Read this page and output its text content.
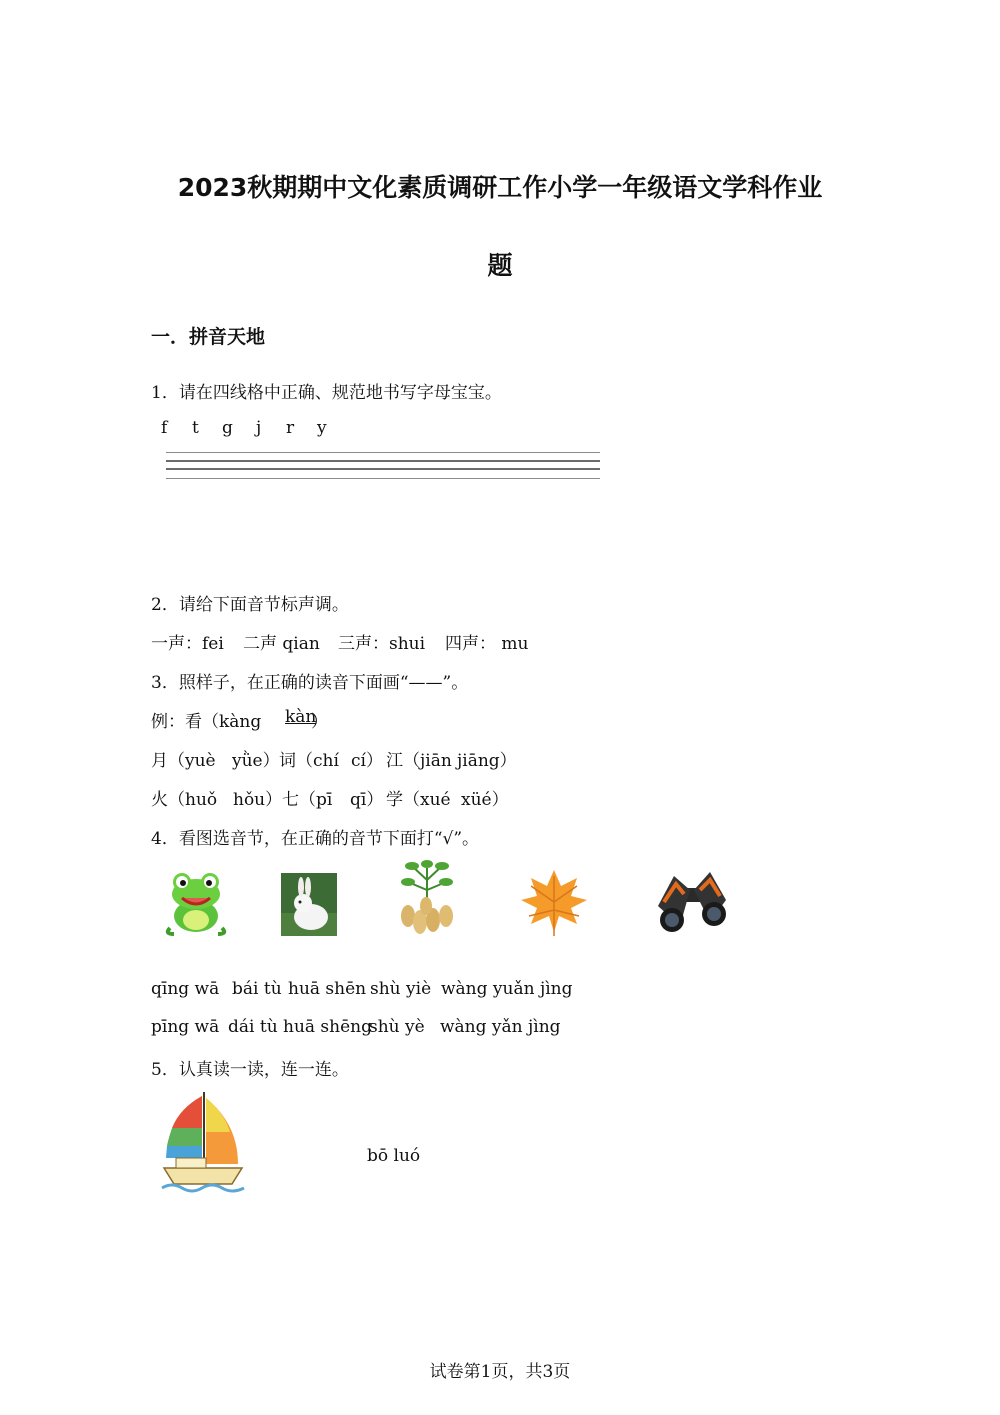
2023秋期期中文化素质调研工作小学一年级语文学科作业
题
一．拼音天地
1．请在四线格中正确、规范地书写字母宝宝。
f t g j r y
2．请给下面音节标声调。
一声：fei 二声 qian 三声：shui 四声： mu
3．照样子，在正确的读音下面画“——”。
例：看（kàng kàn
）
月（yuè yǜe） 词（chí cí） 江（jiān jiāng）
火（huǒ hǒu） 七（pī qī） 学（xué xüé）
4．看图选音节，在正确的音节下面打“√”。
qīng wā bái tù huā shēn shù yiè wàng yuǎn jìng
pīng wā dái tù huā shēng
shù yè wàng yǎn jìng
5．认真读一读，连一连。
bō luó
试卷第1页，共3页
